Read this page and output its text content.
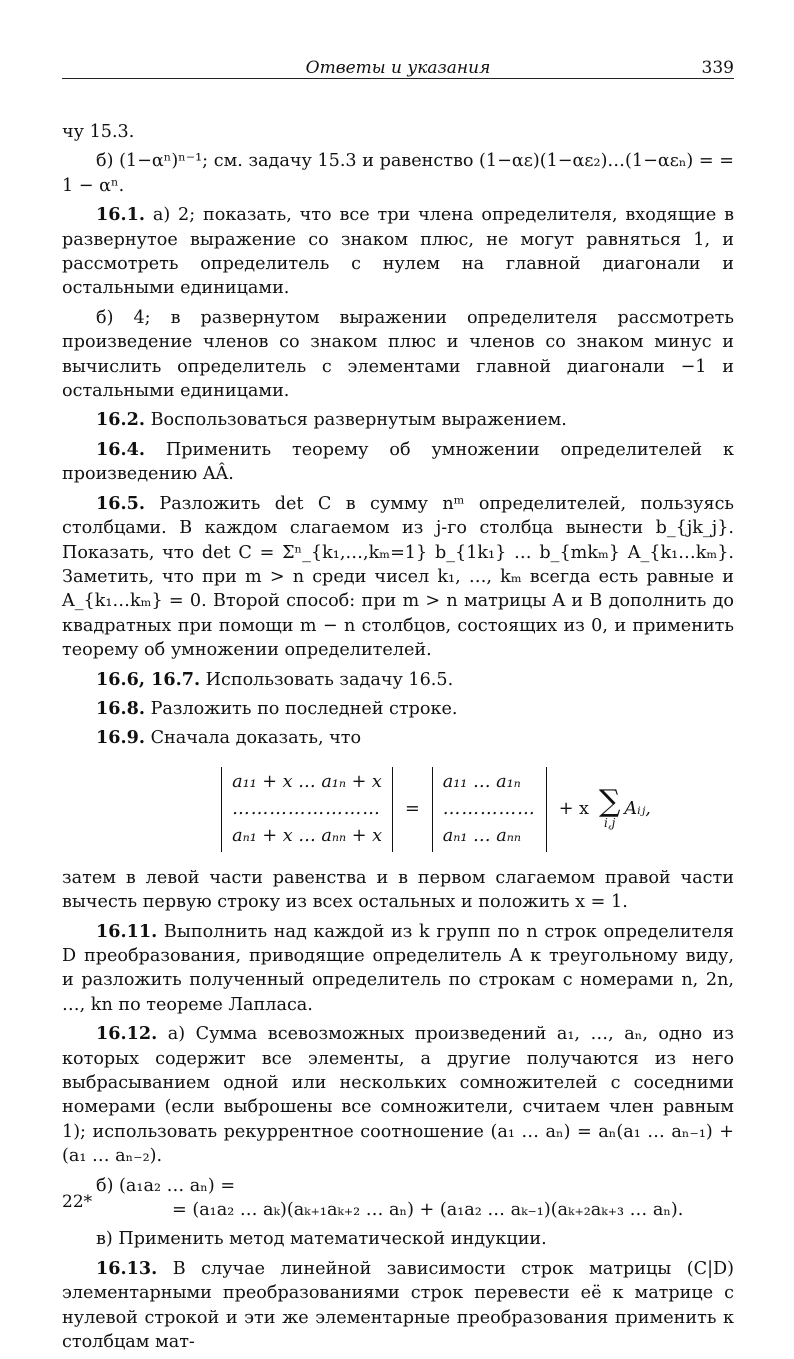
Ответы и указания	339

чу 15.3.

б) (1−αⁿ)ⁿ⁻¹; см. задачу 15.3 и равенство (1−αε)(1−αε₂)…(1−αεₙ) = = 1 − αⁿ.

16.1. а) 2; показать, что все три члена определителя, входящие в развернутое выражение со знаком плюс, не могут равняться 1, и рассмотреть определитель с нулем на главной диагонали и остальными единицами.

б) 4; в развернутом выражении определителя рассмотреть произведение членов со знаком плюс и членов со знаком минус и вычислить определитель с элементами главной диагонали −1 и остальными единицами.

16.2. Воспользоваться развернутым выражением.

16.4. Применить теорему об умножении определителей к произведению AÂ.

16.5. Разложить det C в сумму nᵐ определителей, пользуясь столбцами. В каждом слагаемом из j-го столбца вынести b_{jk_j}. Показать, что det C = Σⁿ_{k₁,…,kₘ=1} b_{1k₁} … b_{mkₘ} A_{k₁…kₘ}. Заметить, что при m > n среди чисел k₁, …, kₘ всегда есть равные и A_{k₁…kₘ} = 0. Второй способ: при m > n матрицы A и B дополнить до квадратных при помощи m − n столбцов, состоящих из 0, и применить теорему об умножении определителей.

16.6, 16.7. Использовать задачу 16.5.

16.8. Разложить по последней строке.

16.9. Сначала доказать, что

a₁₁ + x … a₁ₙ + x
……………………
aₙ₁ + x … aₙₙ + x
=
a₁₁ … a₁ₙ
……………
aₙ₁ … aₙₙ
+ x ∑
i,j
Aᵢⱼ,

затем в левой части равенства и в первом слагаемом правой части вычесть первую строку из всех остальных и положить x = 1.

16.11. Выполнить над каждой из k групп по n строк определителя D преобразования, приводящие определитель A к треугольному виду, и разложить полученный определитель по строкам с номерами n, 2n, …, kn по теореме Лапласа.

16.12. а) Сумма всевозможных произведений a₁, …, aₙ, одно из которых содержит все элементы, а другие получаются из него выбрасыванием одной или нескольких сомножителей с соседними номерами (если выброшены все сомножители, считаем член равным 1); использовать рекуррентное соотношение (a₁ … aₙ) = aₙ(a₁ … aₙ₋₁) + (a₁ … aₙ₋₂).

б) (a₁a₂ … aₙ) =

= (a₁a₂ … aₖ)(aₖ₊₁aₖ₊₂ … aₙ) + (a₁a₂ … aₖ₋₁)(aₖ₊₂aₖ₊₃ … aₙ).

в) Применить метод математической индукции.

16.13. В случае линейной зависимости строк матрицы (C|D) элементарными преобразованиями строк перевести её к матрице с нулевой строкой и эти же элементарные преобразования применить к столбцам мат-

22*
